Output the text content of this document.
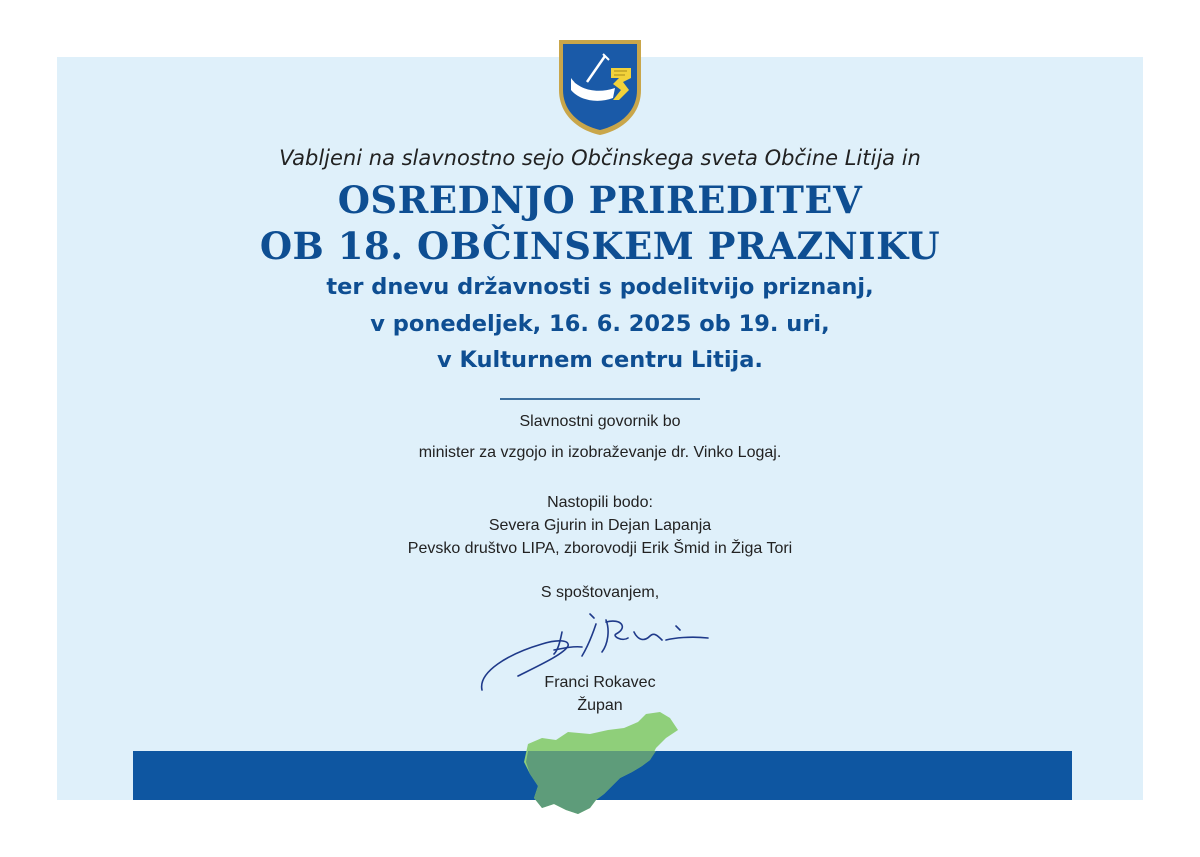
Vabljeni na slavnostno sejo Občinskega sveta Občine Litija in
OSREDNJO PRIREDITEV
OB 18. OBČINSKEM PRAZNIKU
ter dnevu državnosti s podelitvijo priznanj,
v ponedeljek, 16. 6. 2025 ob 19. uri,
v Kulturnem centru Litija.
Slavnostni govornik bo
minister za vzgojo in izobraževanje dr. Vinko Logaj.
Nastopili bodo:
Severa Gjurin in Dejan Lapanja
Pevsko društvo LIPA, zborovodji Erik Šmid in Žiga Tori
S spoštovanjem,
Franci Rokavec
Župan
